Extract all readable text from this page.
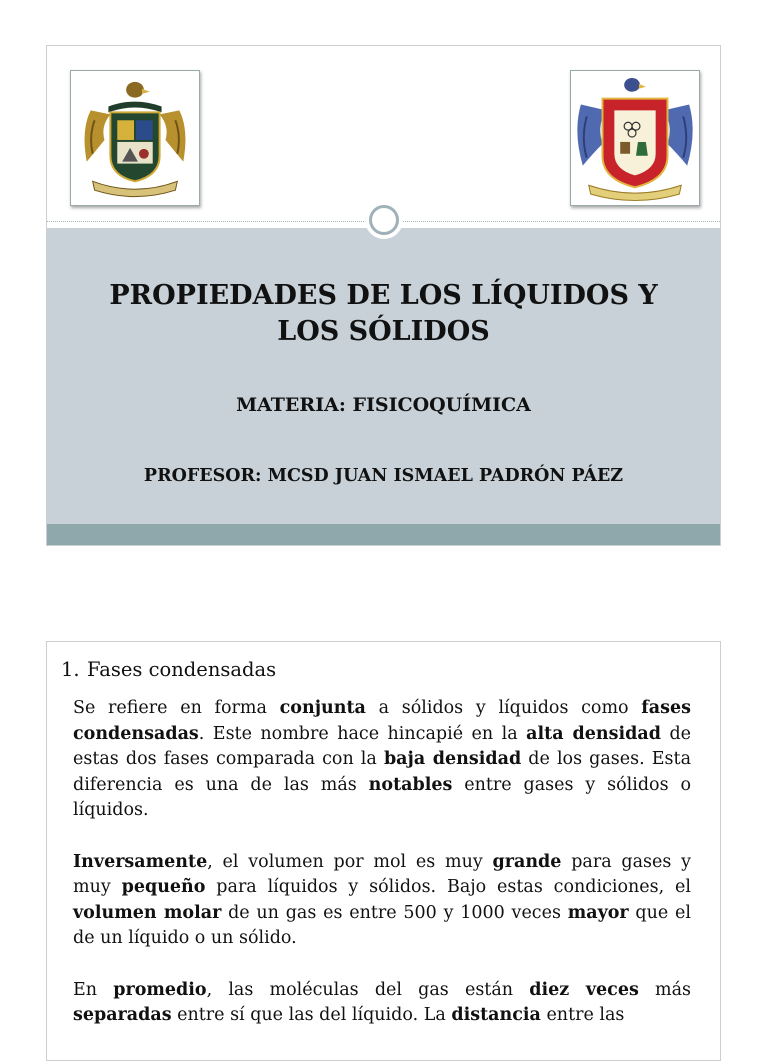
PROPIEDADES DE LOS LÍQUIDOS Y
LOS SÓLIDOS
MATERIA: FISICOQUÍMICA
PROFESOR: MCSD JUAN ISMAEL PADRÓN PÁEZ
1. Fases condensadas

Se refiere en forma conjunta a sólidos y líquidos como fases condensadas. Este nombre hace hincapié en la alta densidad de estas dos fases comparada con la baja densidad de los gases. Esta diferencia es una de las más notables entre gases y sólidos o líquidos.

Inversamente, el volumen por mol es muy grande para gases y muy pequeño para líquidos y sólidos. Bajo estas condiciones, el volumen molar de un gas es entre 500 y 1000 veces mayor que el de un líquido o un sólido.

En promedio, las moléculas del gas están diez veces más separadas entre sí que las del líquido. La distancia entre las
